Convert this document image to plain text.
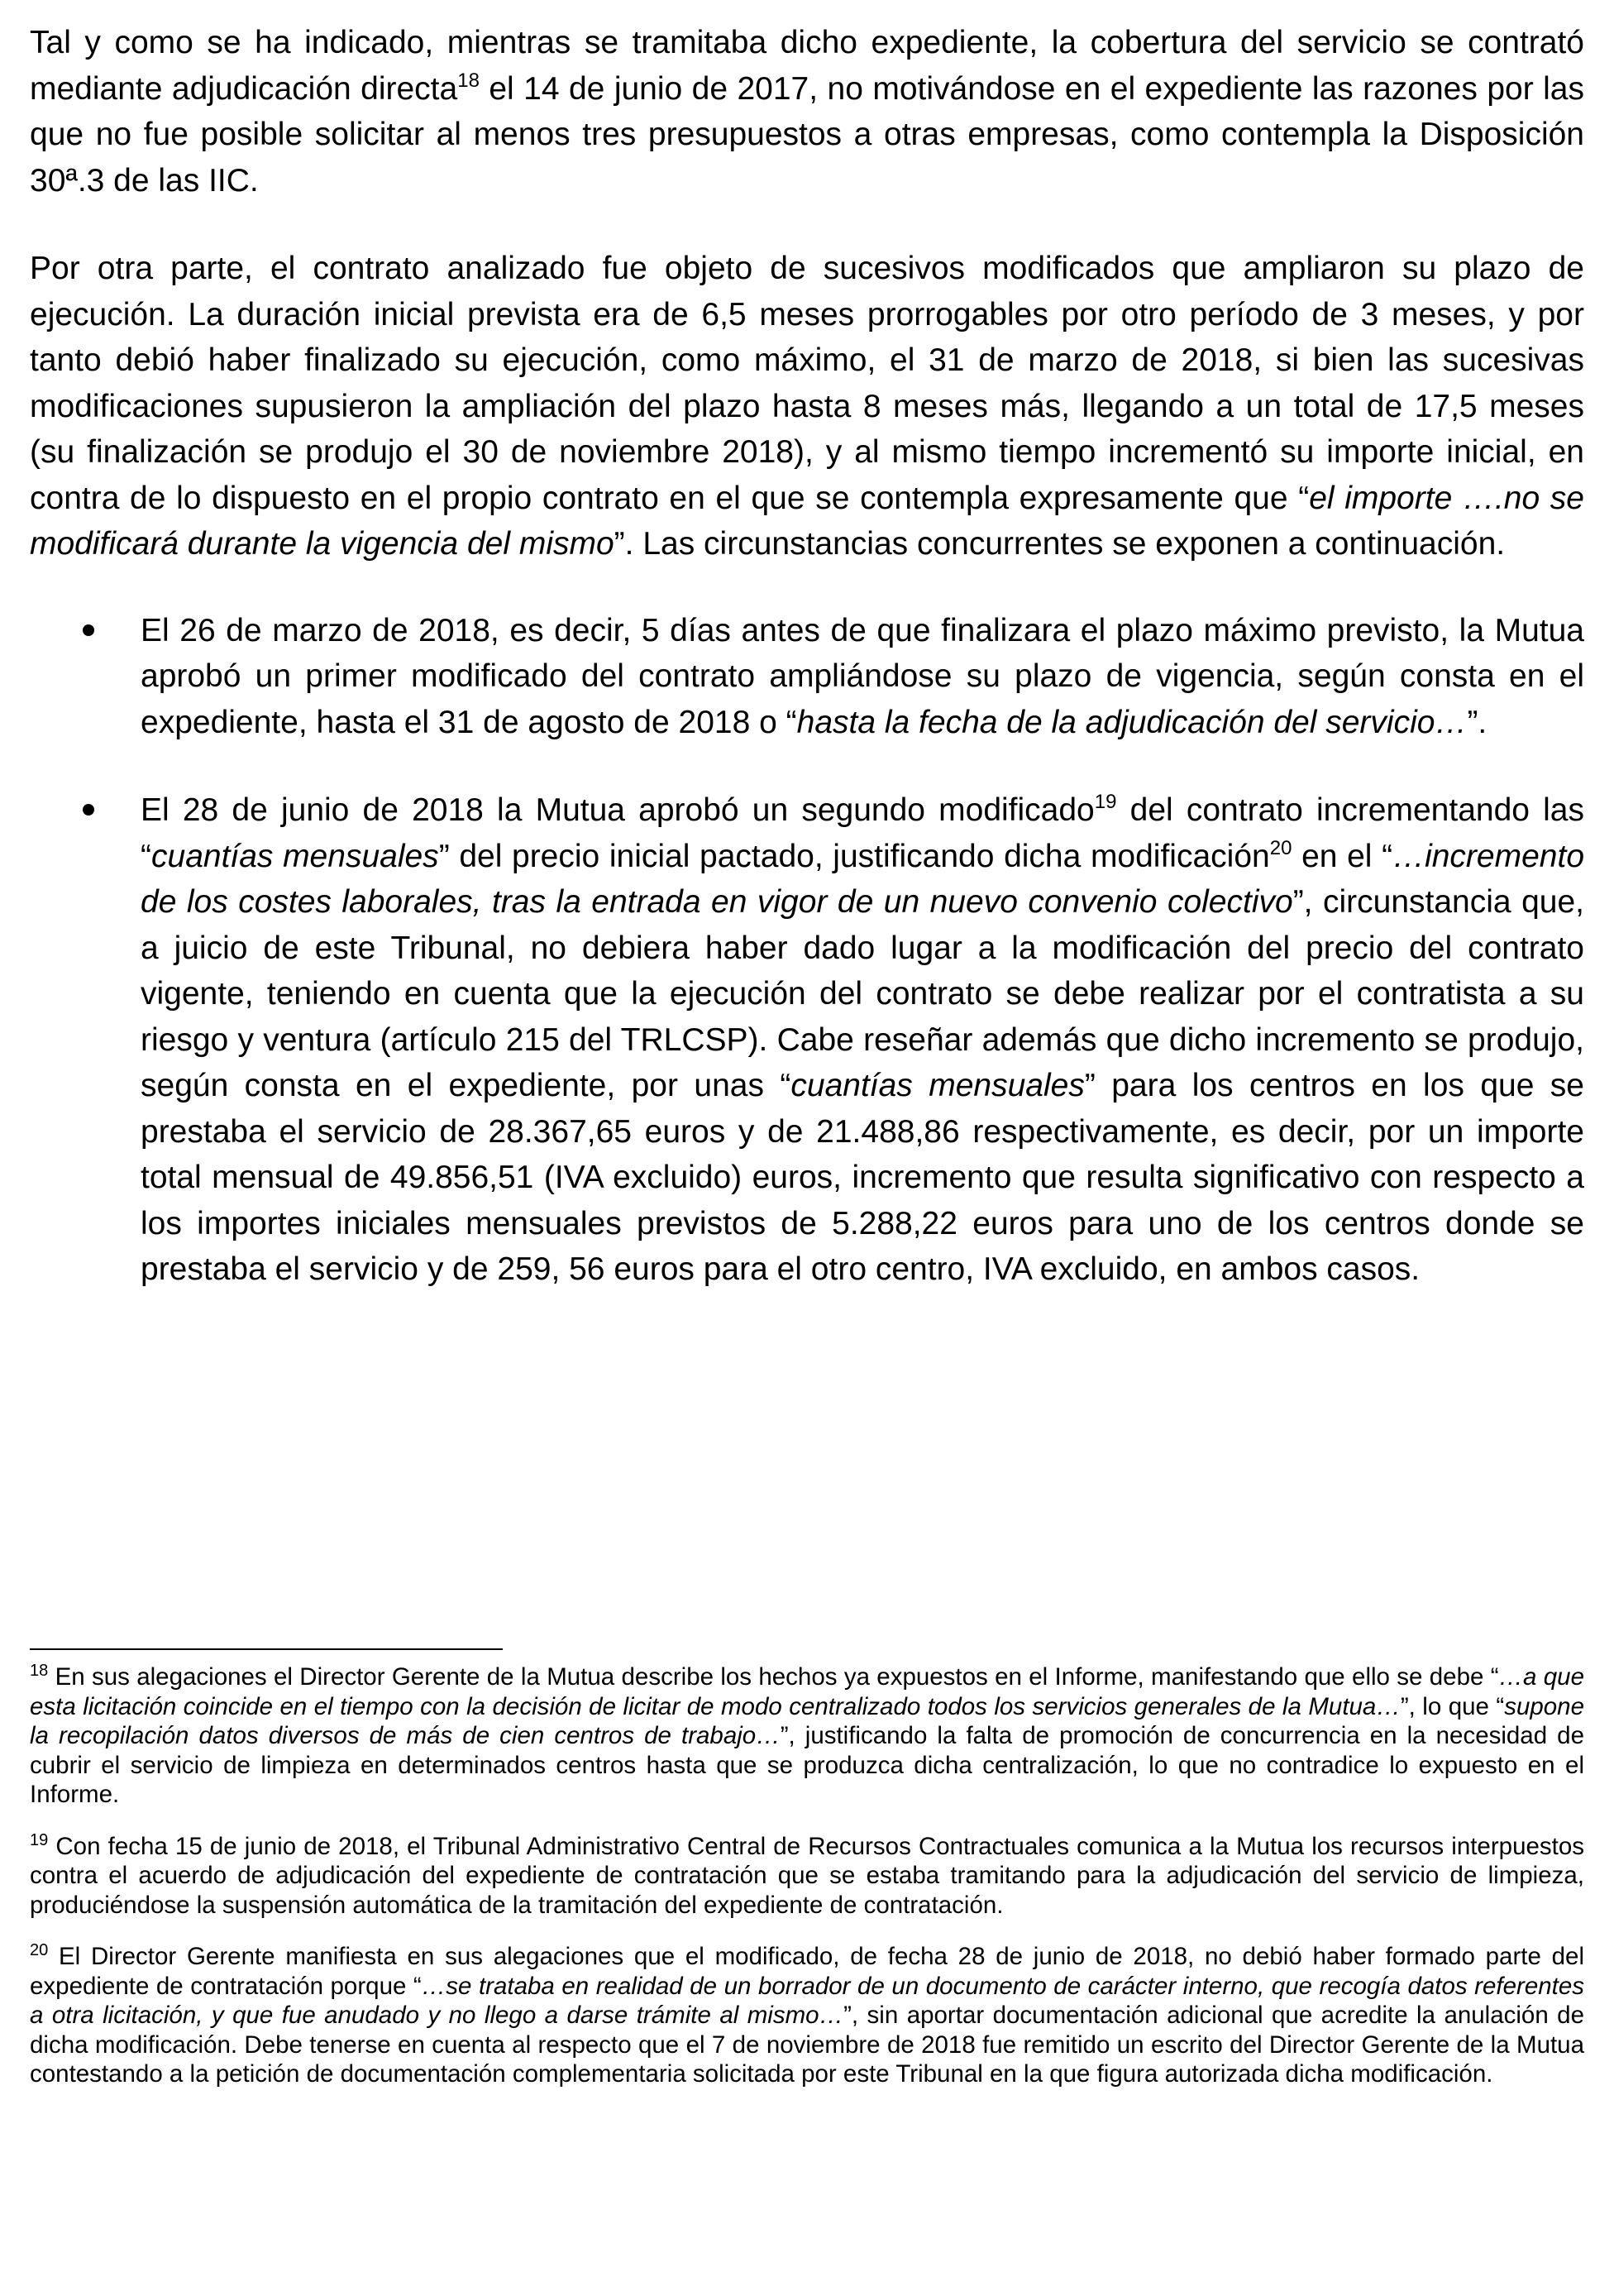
Tal y como se ha indicado, mientras se tramitaba dicho expediente, la cobertura del servicio se contrató mediante adjudicación directa$^{18}$ el 14 de junio de 2017, no motivándose en el expediente las razones por las que no fue posible solicitar al menos tres presupuestos a otras empresas, como contempla la Disposición 30ª.3 de las IIC.

Por otra parte, el contrato analizado fue objeto de sucesivos modificados que ampliaron su plazo de ejecución. La duración inicial prevista era de 6,5 meses prorrogables por otro período de 3 meses, y por tanto debió haber finalizado su ejecución, como máximo, el 31 de marzo de 2018, si bien las sucesivas modificaciones supusieron la ampliación del plazo hasta 8 meses más, llegando a un total de 17,5 meses (su finalización se produjo el 30 de noviembre 2018), y al mismo tiempo incrementó su importe inicial, en contra de lo dispuesto en el propio contrato en el que se contempla expresamente que “el importe ….no se modificará durante la vigencia del mismo”. Las circunstancias concurrentes se exponen a continuación.

El 26 de marzo de 2018, es decir, 5 días antes de que finalizara el plazo máximo previsto, la Mutua aprobó un primer modificado del contrato ampliándose su plazo de vigencia, según consta en el expediente, hasta el 31 de agosto de 2018 o “hasta la fecha de la adjudicación del servicio…”.
El 28 de junio de 2018 la Mutua aprobó un segundo modificado$^{19}$ del contrato incrementando las “cuantías mensuales” del precio inicial pactado, justificando dicha modificación$^{20}$ en el “…incremento de los costes laborales, tras la entrada en vigor de un nuevo convenio colectivo”, circunstancia que, a juicio de este Tribunal, no debiera haber dado lugar a la modificación del precio del contrato vigente, teniendo en cuenta que la ejecución del contrato se debe realizar por el contratista a su riesgo y ventura (artículo 215 del TRLCSP). Cabe reseñar además que dicho incremento se produjo, según consta en el expediente, por unas “cuantías mensuales” para los centros en los que se prestaba el servicio de 28.367,65 euros y de 21.488,86 respectivamente, es decir, por un importe total mensual de 49.856,51 (IVA excluido) euros, incremento que resulta significativo con respecto a los importes iniciales mensuales previstos de 5.288,22 euros para uno de los centros donde se prestaba el servicio y de 259, 56 euros para el otro centro, IVA excluido, en ambos casos.

$^{18}$ En sus alegaciones el Director Gerente de la Mutua describe los hechos ya expuestos en el Informe, manifestando que ello se debe “…a que esta licitación coincide en el tiempo con la decisión de licitar de modo centralizado todos los servicios generales de la Mutua…”, lo que “supone la recopilación datos diversos de más de cien centros de trabajo…”, justificando la falta de promoción de concurrencia en la necesidad de cubrir el servicio de limpieza en determinados centros hasta que se produzca dicha centralización, lo que no contradice lo expuesto en el Informe.

$^{19}$ Con fecha 15 de junio de 2018, el Tribunal Administrativo Central de Recursos Contractuales comunica a la Mutua los recursos interpuestos contra el acuerdo de adjudicación del expediente de contratación que se estaba tramitando para la adjudicación del servicio de limpieza, produciéndose la suspensión automática de la tramitación del expediente de contratación.

$^{20}$ El Director Gerente manifiesta en sus alegaciones que el modificado, de fecha 28 de junio de 2018, no debió haber formado parte del expediente de contratación porque “…se trataba en realidad de un borrador de un documento de carácter interno, que recogía datos referentes a otra licitación, y que fue anudado y no llego a darse trámite al mismo…”, sin aportar documentación adicional que acredite la anulación de dicha modificación. Debe tenerse en cuenta al respecto que el 7 de noviembre de 2018 fue remitido un escrito del Director Gerente de la Mutua contestando a la petición de documentación complementaria solicitada por este Tribunal en la que figura autorizada dicha modificación.
